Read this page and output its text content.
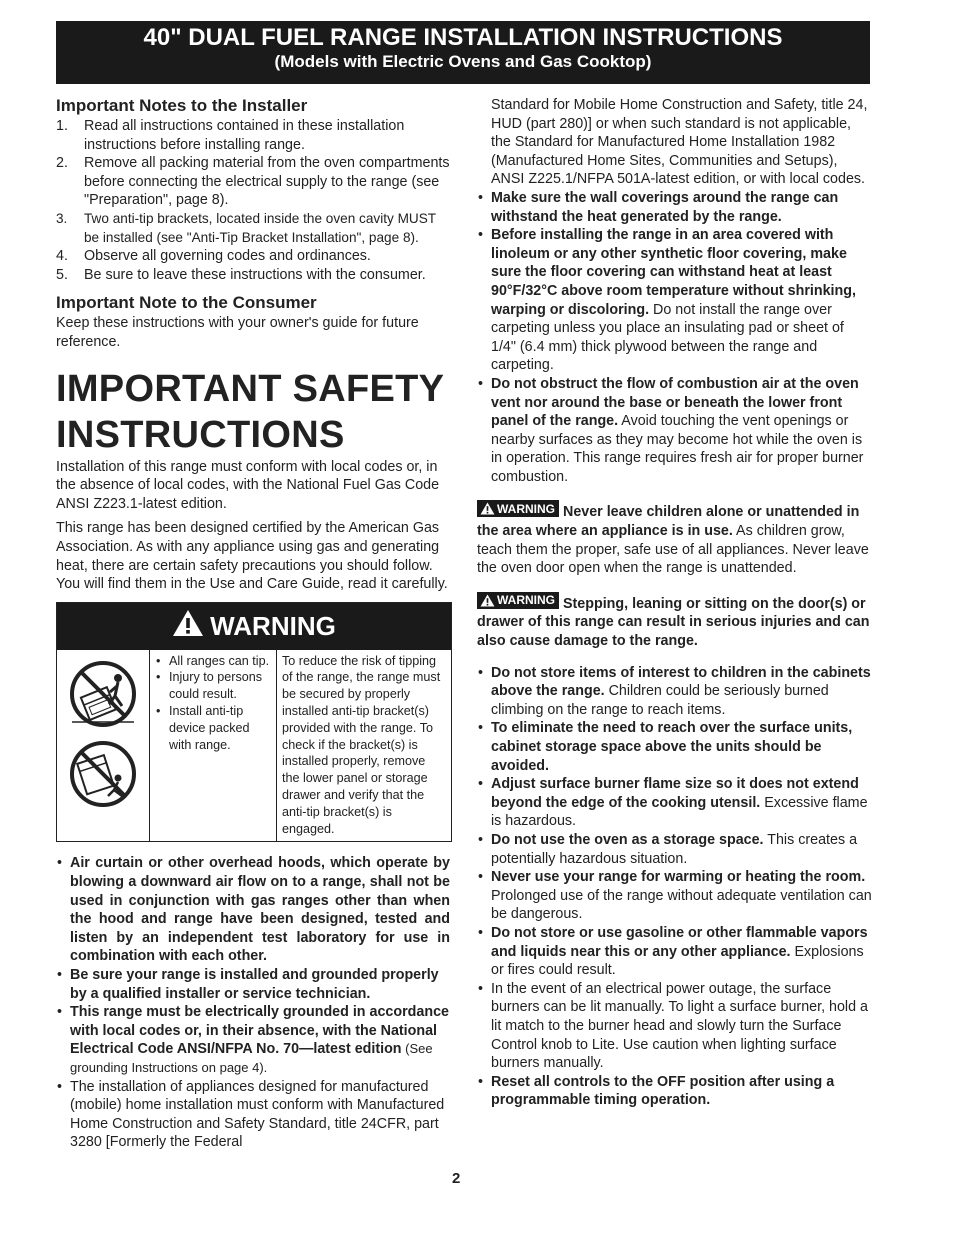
40" DUAL FUEL RANGE INSTALLATION INSTRUCTIONS
(Models with Electric Ovens and Gas Cooktop)
Important Notes to the Installer
1. Read all instructions contained in these installation instructions before installing range.
2. Remove all packing material from the oven compartments before connecting the electrical supply to the range (see "Preparation", page 8).
3. Two anti-tip brackets, located inside the oven cavity MUST be installed (see "Anti-Tip Bracket Installation", page 8).
4. Observe all governing codes and ordinances.
5. Be sure to leave these instructions with the consumer.
Important Note to the Consumer

Keep these instructions with your owner's guide for future reference.

IMPORTANT SAFETY
INSTRUCTIONS

Installation of this range must conform with local codes or, in the absence of local codes, with the National Fuel Gas Code ANSI Z223.1-latest edition.

This range has been designed certified by the American Gas Association. As with any appliance using gas and generating heat, there are certain safety precautions you should follow. You will find them in the Use and Care Guide, read it carefully.

WARNING
• All ranges can tip.
• Injury to persons could result.
• Install anti-tip device packed with range.
To reduce the risk of tipping of the range, the range must be secured by properly installed anti-tip bracket(s) provided with the range. To check if the bracket(s) is installed properly, remove the lower panel or storage drawer and verify that the anti-tip bracket(s) is engaged.
• Air curtain or other overhead hoods, which operate by blowing a downward air flow on to a range, shall not be used in conjunction with gas ranges other than when the hood and range have been designed, tested and listen by an independent test laboratory for use in combination with each other.
• Be sure your range is installed and grounded properly by a qualified installer or service technician.
• This range must be electrically grounded in accordance with local codes or, in their absence, with the National Electrical Code ANSI/NFPA No. 70—latest edition (See grounding Instructions on page 4).
• The installation of appliances designed for manufactured (mobile) home installation must conform with Manufactured Home Construction and Safety Standard, title 24CFR, part 3280 [Formerly the Federal

Standard for Mobile Home Construction and Safety, title 24, HUD (part 280)] or when such standard is not applicable, the Standard for Manufactured Home Installation 1982 (Manufactured Home Sites, Communities and Setups), ANSI Z225.1/NFPA 501A-latest edition, or with local codes.

• Make sure the wall coverings around the range can withstand the heat generated by the range.
• Before installing the range in an area covered with linoleum or any other synthetic floor covering, make sure the floor covering can withstand heat at least 90°F/32°C above room temperature without shrinking, warping or discoloring. Do not install the range over carpeting unless you place an insulating pad or sheet of 1/4" (6.4 mm) thick plywood between the range and carpeting.
• Do not obstruct the flow of combustion air at the oven vent nor around the base or beneath the lower front panel of the range. Avoid touching the vent openings or nearby surfaces as they may become hot while the oven is in operation. This range requires fresh air for proper burner combustion.

WARNING Never leave children alone or unattended in the area where an appliance is in use. As children grow, teach them the proper, safe use of all appliances. Never leave the oven door open when the range is unattended.

WARNING Stepping, leaning or sitting on the door(s) or drawer of this range can result in serious injuries and can also cause damage to the range.

• Do not store items of interest to children in the cabinets above the range. Children could be seriously burned climbing on the range to reach items.
• To eliminate the need to reach over the surface units, cabinet storage space above the units should be avoided.
• Adjust surface burner flame size so it does not extend beyond the edge of the cooking utensil. Excessive flame is hazardous.
• Do not use the oven as a storage space. This creates a potentially hazardous situation.
• Never use your range for warming or heating the room. Prolonged use of the range without adequate ventilation can be dangerous.
• Do not store or use gasoline or other flammable vapors and liquids near this or any other appliance. Explosions or fires could result.
• In the event of an electrical power outage, the surface burners can be lit manually. To light a surface burner, hold a lit match to the burner head and slowly turn the Surface Control knob to Lite. Use caution when lighting surface burners manually.
• Reset all controls to the OFF position after using a programmable timing operation.
2
